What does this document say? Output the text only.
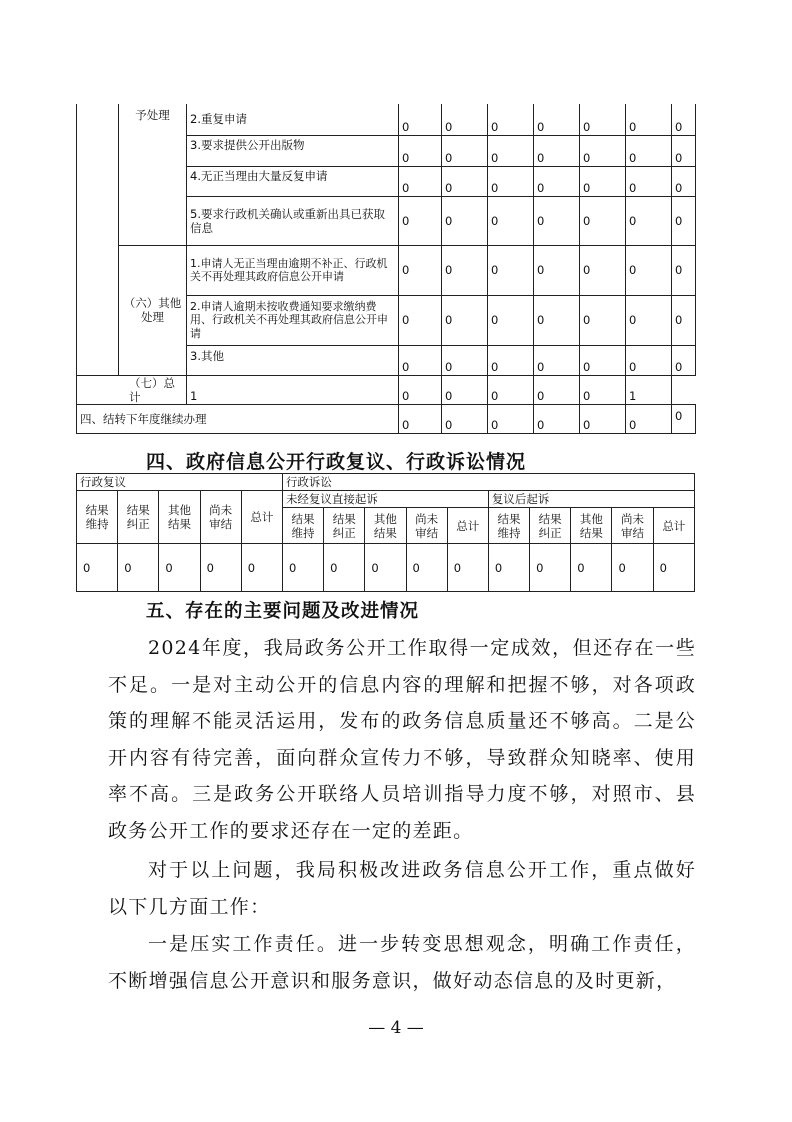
	予处理	2.重复申请	0	0	0	0	0	0	0
		3.要求提供公开出版物	0	0	0	0	0	0	0
		4.无正当理由大量反复申请	0	0	0	0	0	0	0
		5.要求行政机关确认或重新出具已获取信息	0	0	0	0	0	0	0
	（六）其他处理	1.申请人无正当理由逾期不补正、行政机关不再处理其政府信息公开申请	0	0	0	0	0	0	0
		2.申请人逾期未按收费通知要求缴纳费用、行政机关不再处理其政府信息公开申请	0	0	0	0	0	0	0
		3.其他	0	0	0	0	0	0	0
（七）总计		1	0	0	0	0	0	1	
四、结转下年度继续办理			0	0	0	0	0	0	0
四、政府信息公开行政复议、行政诉讼情况
行政复议					行政诉讼									
结果维持	结果纠正	其他结果	尚未审结	总计	未经复议直接起诉					复议后起诉				
					结果维持	结果纠正	其他结果	尚未审结	总计	结果维持	结果纠正	其他结果	尚未审结	总计
0	0	0	0	0	0	0	0	0	0	0	0	0	0	0
五、存在的主要问题及改进情况

2024年度，我局政务公开工作取得一定成效，但还存在一些不足。一是对主动公开的信息内容的理解和把握不够，对各项政策的理解不能灵活运用，发布的政务信息质量还不够高。二是公开内容有待完善，面向群众宣传力不够，导致群众知晓率、使用率不高。三是政务公开联络人员培训指导力度不够，对照市、县政务公开工作的要求还存在一定的差距。

对于以上问题，我局积极改进政务信息公开工作，重点做好以下几方面工作：

一是压实工作责任。进一步转变思想观念，明确工作责任，不断增强信息公开意识和服务意识，做好动态信息的及时更新，

— 4 —
